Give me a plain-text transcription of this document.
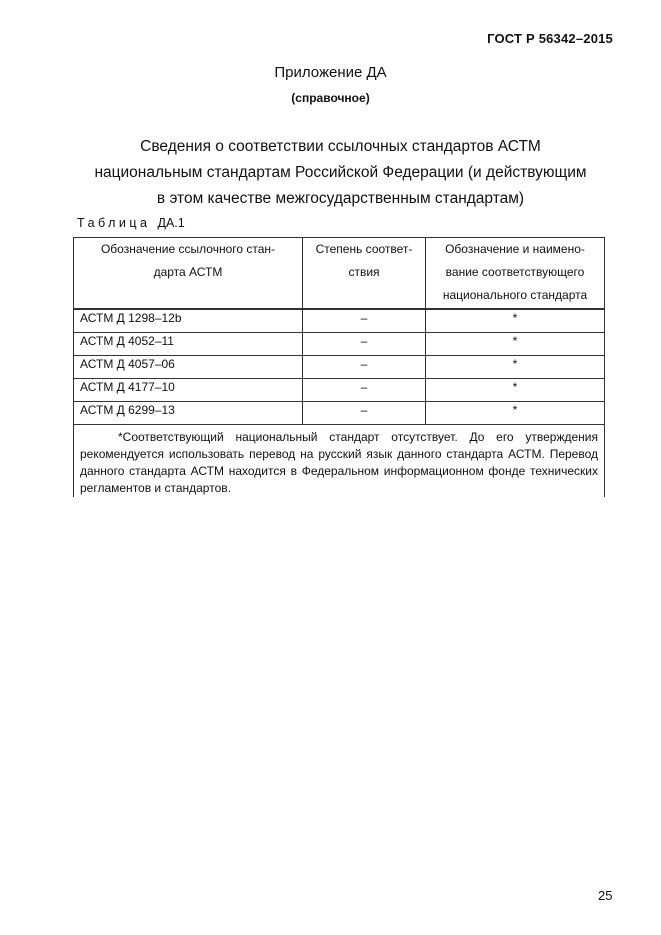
ГОСТ Р 56342–2015
Приложение ДА
(справочное)
Сведения о соответствии ссылочных стандартов АСТМ
национальным стандартам Российской Федерации (и действующим
в этом качестве межгосударственным стандартам)
Таблица ДА.1
Обозначение ссылочного стан-дарта АСТМ	Степень соответ-ствия	Обозначение и наимено-вание соответствующего национального стандарта

АСТМ Д 1298–12b	–	*
АСТМ Д 4052–11	–	*
АСТМ Д 4057–06	–	*
АСТМ Д 4177–10	–	*
АСТМ Д 6299–13	–	*

*Соответствующий национальный стандарт отсутствует. До его утверждения рекомендуется использовать перевод на русский язык данного стандарта АСТМ. Перевод данного стандарта АСТМ находится в Федеральном информационном фонде технических регламентов и стандартов.		
25
